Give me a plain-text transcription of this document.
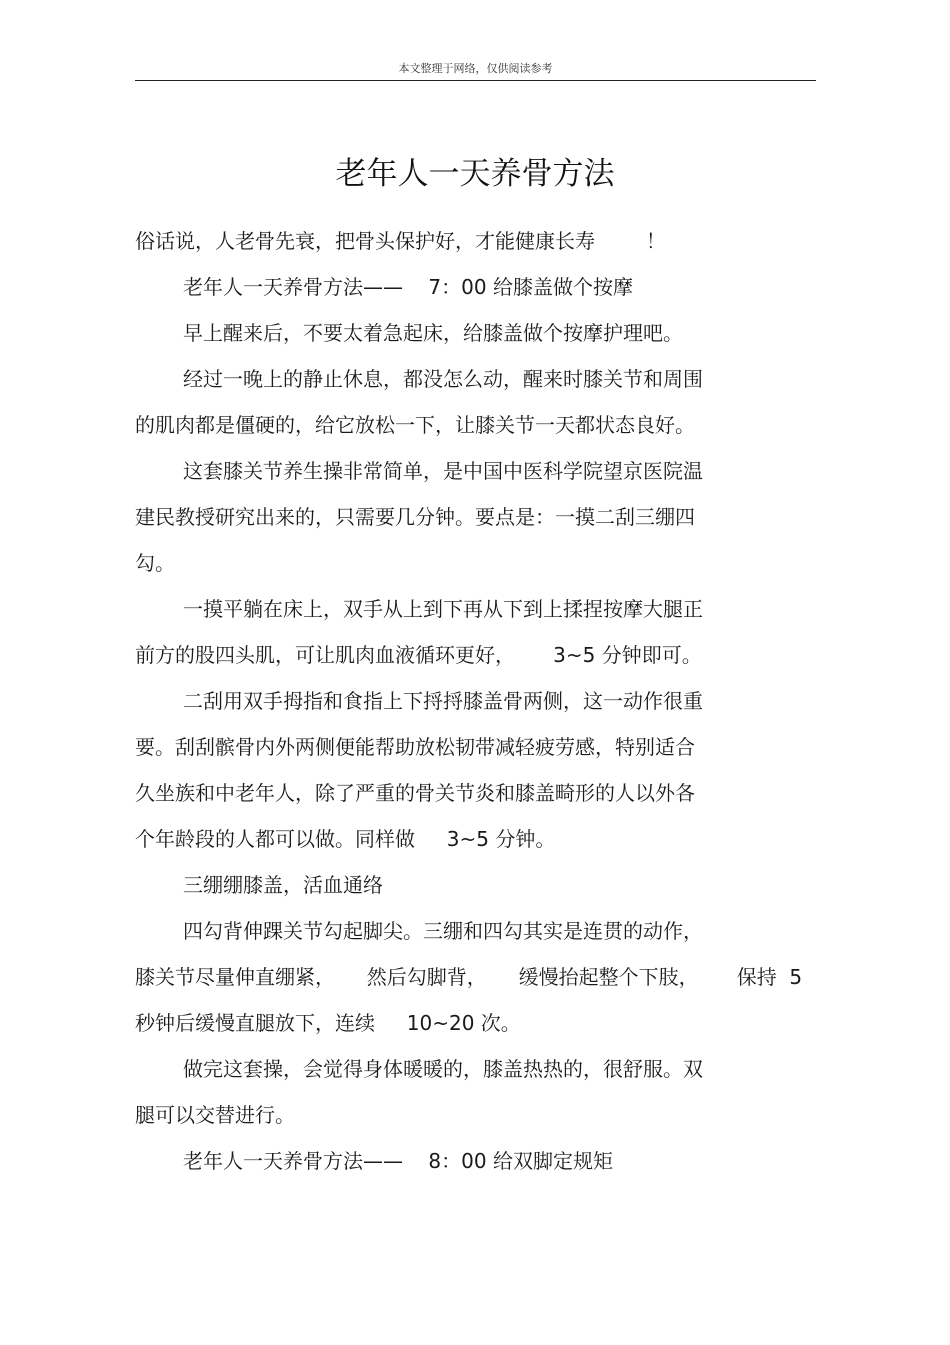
本文整理于网络，仅供阅读参考
老年人一天养骨方法
俗话说，人老骨先衰，把骨头保护好，才能健康长寿        ！
老年人一天养骨方法——    7：00 给膝盖做个按摩
早上醒来后，不要太着急起床，给膝盖做个按摩护理吧。
经过一晚上的静止休息，都没怎么动，醒来时膝关节和周围
的肌肉都是僵硬的，给它放松一下，让膝关节一天都状态良好。
这套膝关节养生操非常简单，是中国中医科学院望京医院温
建民教授研究出来的，只需要几分钟。要点是：一摸二刮三绷四
勾。
一摸平躺在床上，双手从上到下再从下到上揉捏按摩大腿正
前方的股四头肌，可让肌肉血液循环更好，      3~5 分钟即可。
二刮用双手拇指和食指上下捋捋膝盖骨两侧，这一动作很重
要。刮刮髌骨内外两侧便能帮助放松韧带减轻疲劳感，特别适合
久坐族和中老年人，除了严重的骨关节炎和膝盖畸形的人以外各
个年龄段的人都可以做。同样做     3~5 分钟。
三绷绷膝盖，活血通络
四勾背伸踝关节勾起脚尖。三绷和四勾其实是连贯的动作，
膝关节尽量伸直绷紧，     然后勾脚背，     缓慢抬起整个下肢，      保持  5
秒钟后缓慢直腿放下，连续     10~20 次。
做完这套操，会觉得身体暖暖的，膝盖热热的，很舒服。双
腿可以交替进行。
老年人一天养骨方法——    8：00 给双脚定规矩
